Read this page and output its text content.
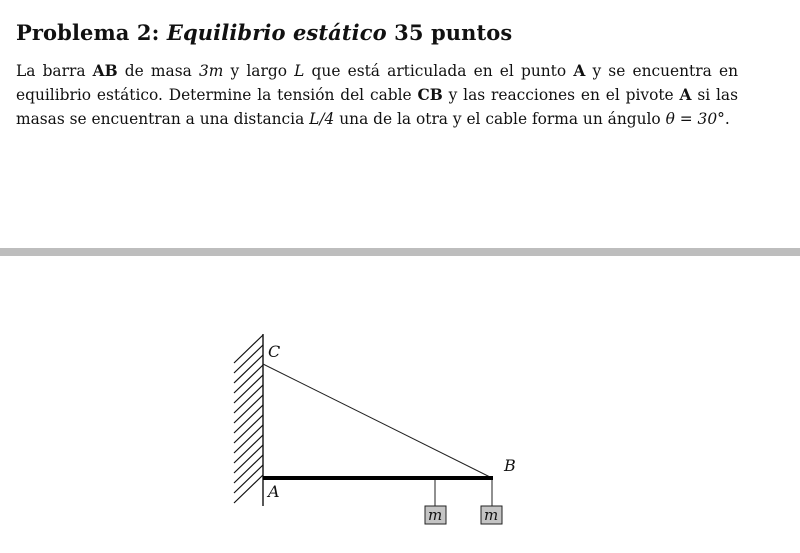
Problema 2: Equilibrio estático 35 puntos
La barra AB de masa 3m y largo L que está articulada en el punto A y se encuentra en equilibrio estático. Determine la tensión del cable CB y las reacciones en el pivote A si las masas se encuentran a una distancia L/4 una de la otra y el cable forma un ángulo θ = 30°.
C
B
A
m	m
